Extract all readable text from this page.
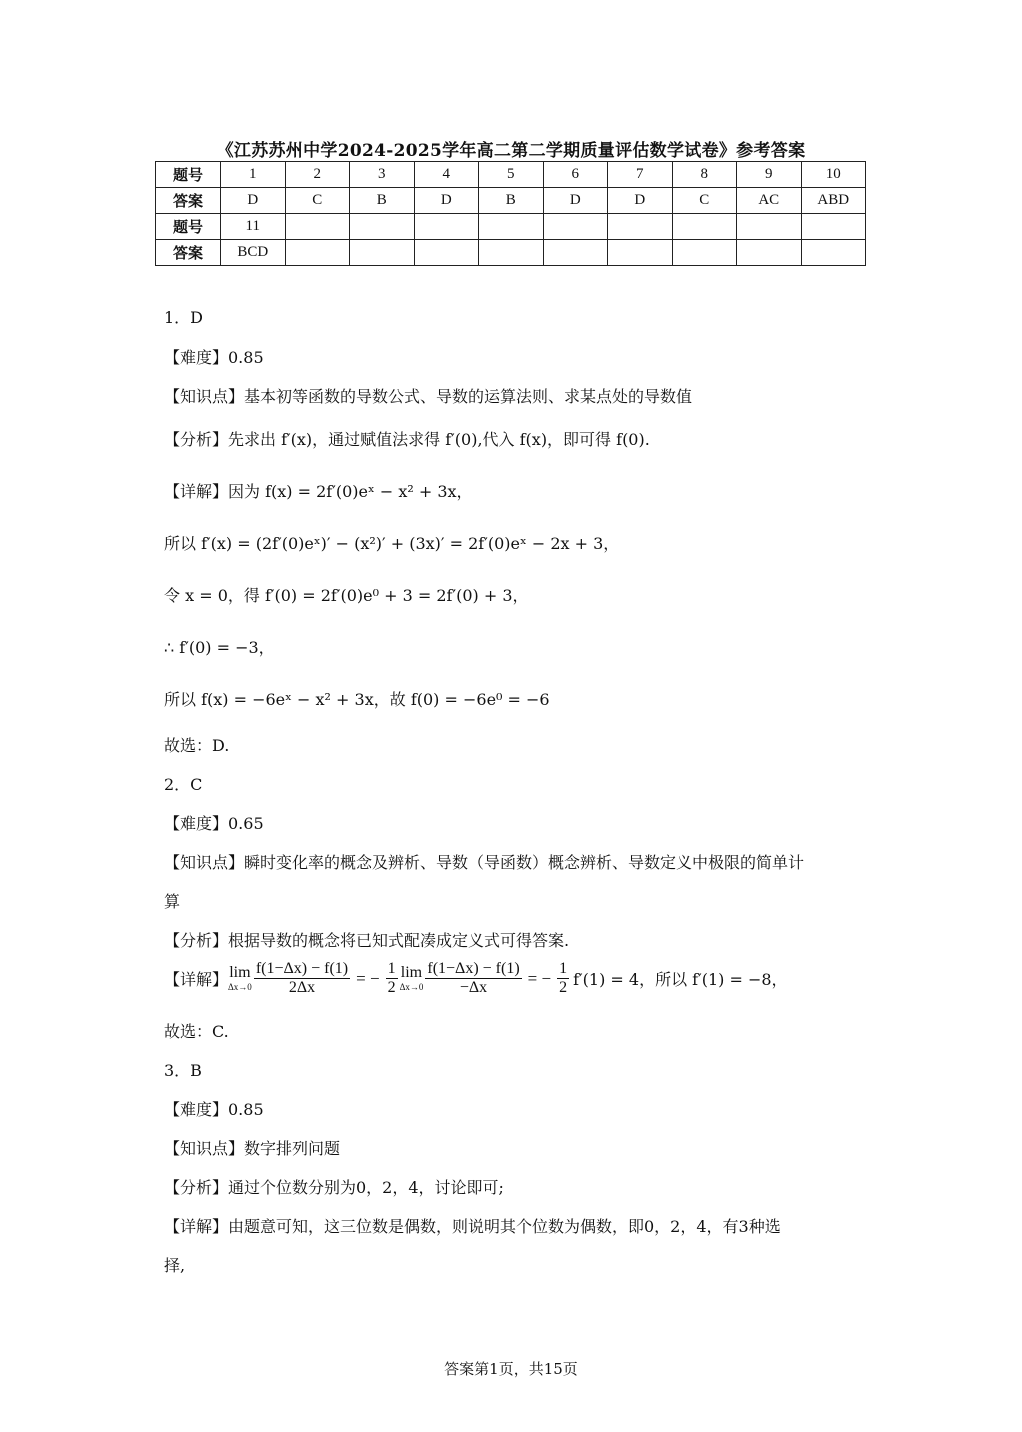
《江苏苏州中学2024-2025学年高二第二学期质量评估数学试卷》参考答案
题号	1	2	3	4	5	6	7	8	9	10
答案	D	C	B	D	B	D	D	C	AC	ABD
题号	11									
答案	BCD									
1．D
【难度】0.85
【知识点】基本初等函数的导数公式、导数的运算法则、求某点处的导数值
【分析】先求出 f′(x)，通过赋值法求得 f′(0),代入 f(x)，即可得 f(0).
【详解】因为 f(x) = 2f′(0)eˣ − x² + 3x，
所以 f′(x) = (2f′(0)eˣ)′ − (x²)′ + (3x)′ = 2f′(0)eˣ − 2x + 3，
令 x = 0，得 f′(0) = 2f′(0)e⁰ + 3 = 2f′(0) + 3，
∴ f′(0) = −3，
所以 f(x) = −6eˣ − x² + 3x，故 f(0) = −6e⁰ = −6
故选：D.
2．C
【难度】0.65
【知识点】瞬时变化率的概念及辨析、导数（导函数）概念辨析、导数定义中极限的简单计
算
【分析】根据导数的概念将已知式配凑成定义式可得答案.
【详解】 lim
$\Delta x\to 0 \frac{f(1-\Delta x) - f(1)}{2\Delta x}$ = − $\frac{1}{2}$ lim
$\Delta x\to 0 \frac{f(1-\Delta x) - f(1)}{-\Delta x}$ = − $\frac{1}{2} f'(1) = 4$，所以 f′(1) = −8，
故选：C.
3．B
【难度】0.85
【知识点】数字排列问题
【分析】通过个位数分别为0，2，4，讨论即可;
【详解】由题意可知，这三位数是偶数，则说明其个位数为偶数，即0，2，4，有3种选
择,
答案第1页，共15页
